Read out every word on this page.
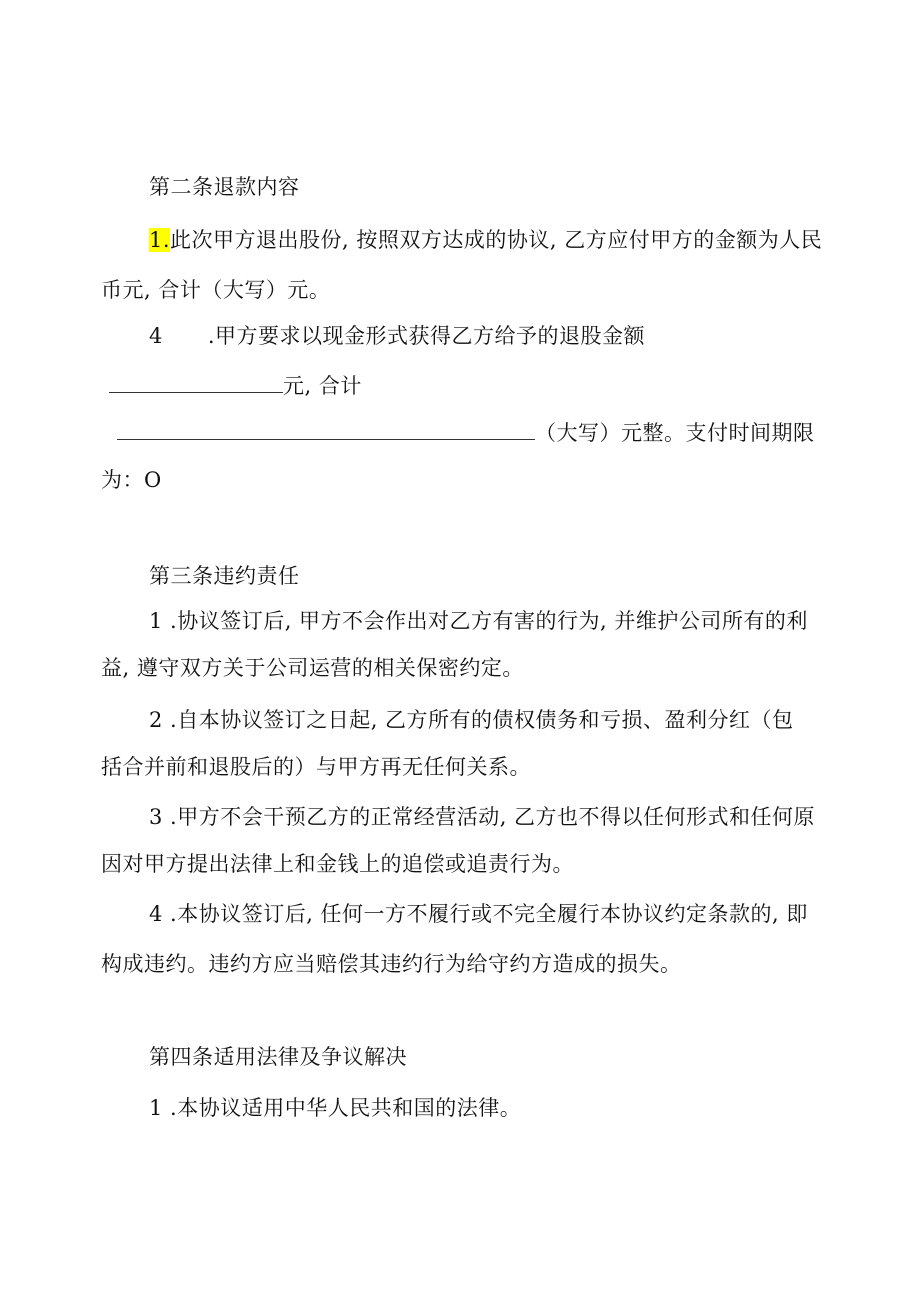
第二条退款内容
1.此次甲方退出股份, 按照双方达成的协议, 乙方应付甲方的金额为人民
币元, 合计（大写）元。
4 .甲方要求以现金形式获得乙方给予的退股金额
元, 合计
（大写）元整。支付时间期限
为：O
第三条违约责任
1 .协议签订后, 甲方不会作出对乙方有害的行为, 并维护公司所有的利
益, 遵守双方关于公司运营的相关保密约定。
2 .自本协议签订之日起, 乙方所有的债权债务和亏损、盈利分红（包
括合并前和退股后的）与甲方再无任何关系。
3 .甲方不会干预乙方的正常经营活动, 乙方也不得以任何形式和任何原
因对甲方提出法律上和金钱上的追偿或追责行为。
4 .本协议签订后, 任何一方不履行或不完全履行本协议约定条款的, 即
构成违约。违约方应当赔偿其违约行为给守约方造成的损失。
第四条适用法律及争议解决
1 .本协议适用中华人民共和国的法律。
